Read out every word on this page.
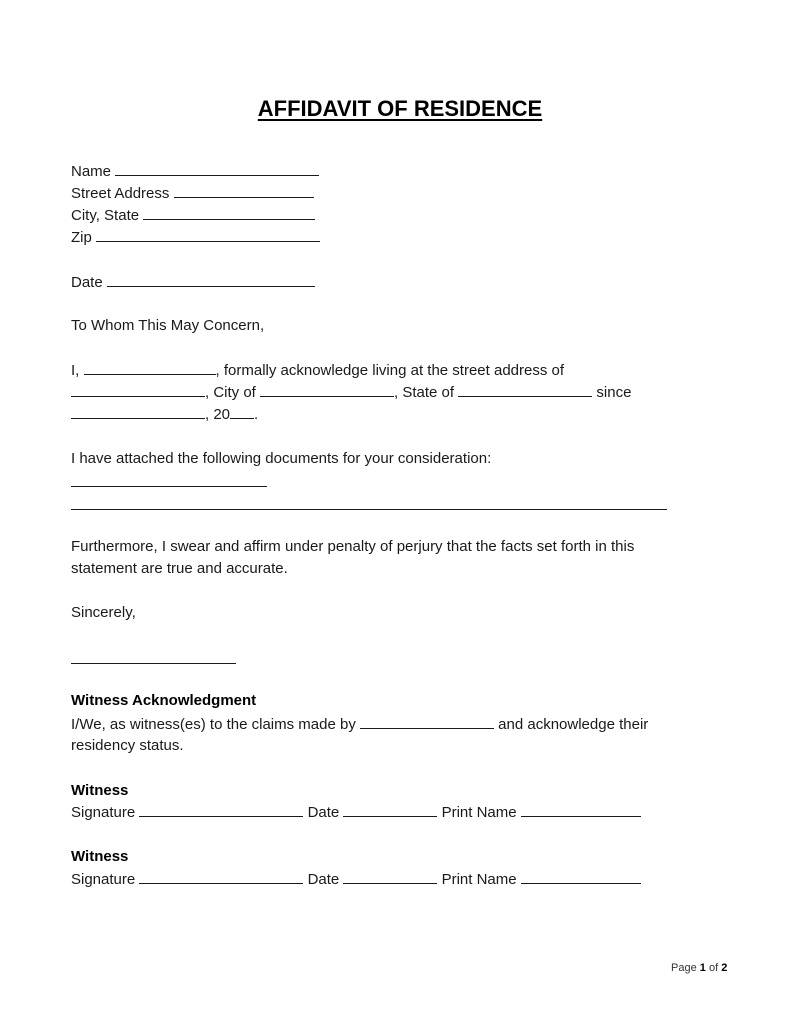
AFFIDAVIT OF RESIDENCE
Name
Street Address
City, State
Zip
Date
To Whom This May Concern,
I,	, formally acknowledge living at the street address of
, City of	, State of	since
, 20 .
I have attached the following documents for your consideration:
Furthermore, I swear and affirm under penalty of perjury that the facts set forth in this
statement are true and accurate.
Sincerely,
Witness Acknowledgment
I/We, as witness(es) to the claims made by	and acknowledge their
residency status.
Witness
Signature	Date	Print Name
Witness
Signature	Date	Print Name
Page 1 of 2
